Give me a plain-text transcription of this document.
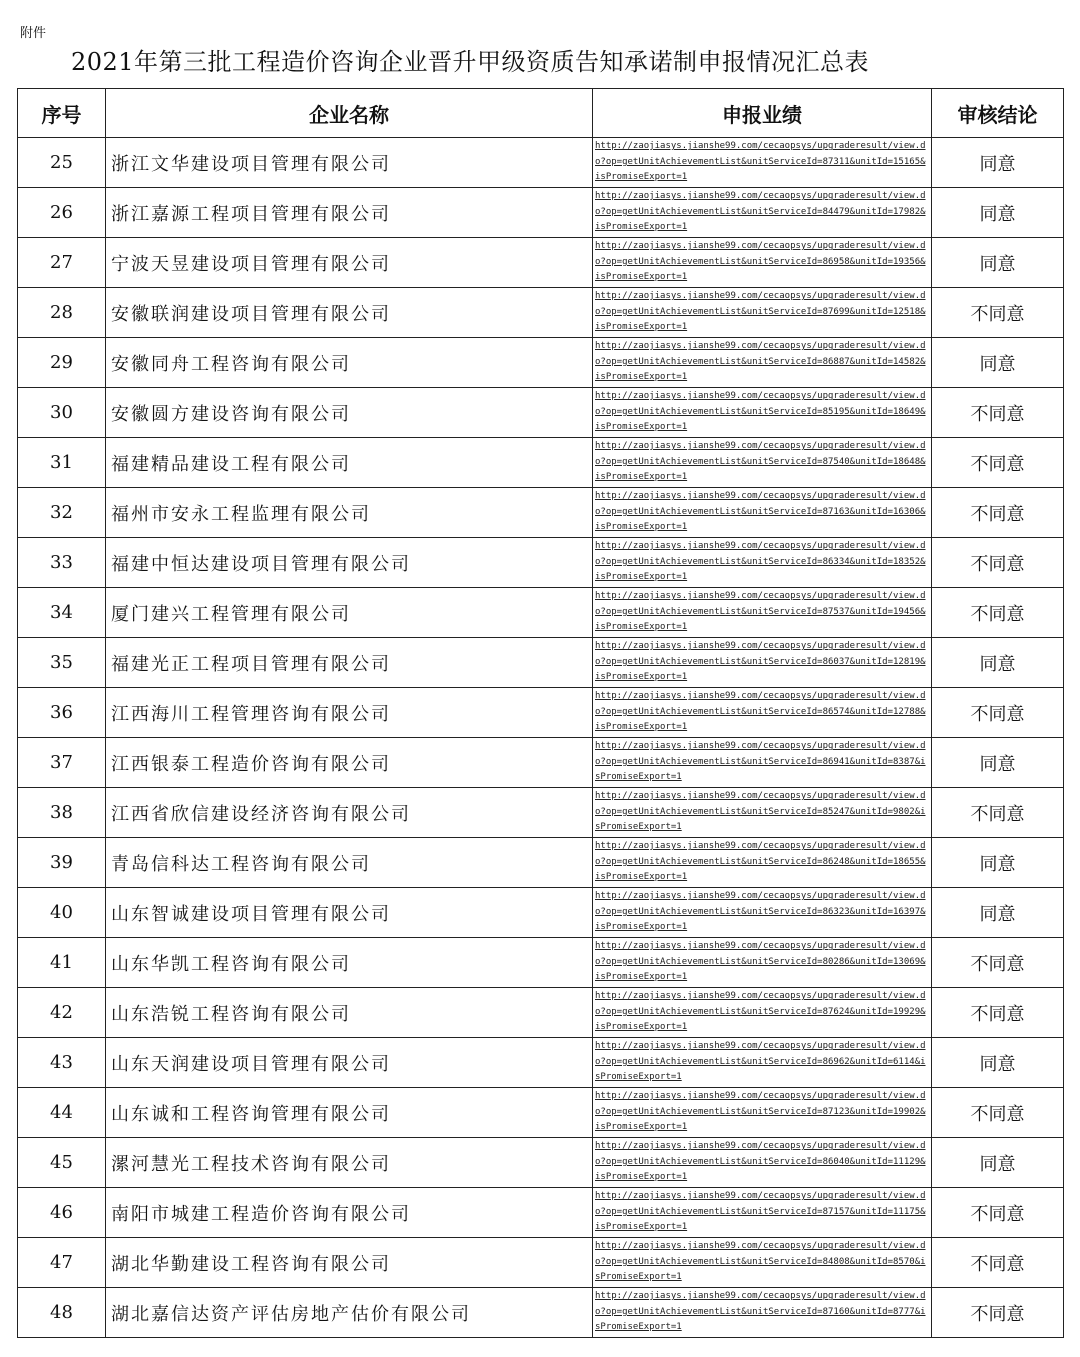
附件
2021年第三批工程造价咨询企业晋升甲级资质告知承诺制申报情况汇总表
序号	企业名称	申报业绩	审核结论
25	浙江文华建设项目管理有限公司	http://zaojiasys.jianshe99.com/cecaopsys/upgraderesult/view.do?op=getUnitAchievementList&unitServiceId=87311&unitId=15165&isPromiseExport=1	同意
26	浙江嘉源工程项目管理有限公司	http://zaojiasys.jianshe99.com/cecaopsys/upgraderesult/view.do?op=getUnitAchievementList&unitServiceId=84479&unitId=17982&isPromiseExport=1	同意
27	宁波天昱建设项目管理有限公司	http://zaojiasys.jianshe99.com/cecaopsys/upgraderesult/view.do?op=getUnitAchievementList&unitServiceId=86958&unitId=19356&isPromiseExport=1	同意
28	安徽联润建设项目管理有限公司	http://zaojiasys.jianshe99.com/cecaopsys/upgraderesult/view.do?op=getUnitAchievementList&unitServiceId=87699&unitId=12518&isPromiseExport=1	不同意
29	安徽同舟工程咨询有限公司	http://zaojiasys.jianshe99.com/cecaopsys/upgraderesult/view.do?op=getUnitAchievementList&unitServiceId=86887&unitId=14582&isPromiseExport=1	同意
30	安徽圆方建设咨询有限公司	http://zaojiasys.jianshe99.com/cecaopsys/upgraderesult/view.do?op=getUnitAchievementList&unitServiceId=85195&unitId=18649&isPromiseExport=1	不同意
31	福建精品建设工程有限公司	http://zaojiasys.jianshe99.com/cecaopsys/upgraderesult/view.do?op=getUnitAchievementList&unitServiceId=87540&unitId=18648&isPromiseExport=1	不同意
32	福州市安永工程监理有限公司	http://zaojiasys.jianshe99.com/cecaopsys/upgraderesult/view.do?op=getUnitAchievementList&unitServiceId=87163&unitId=16306&isPromiseExport=1	不同意
33	福建中恒达建设项目管理有限公司	http://zaojiasys.jianshe99.com/cecaopsys/upgraderesult/view.do?op=getUnitAchievementList&unitServiceId=86334&unitId=18352&isPromiseExport=1	不同意
34	厦门建兴工程管理有限公司	http://zaojiasys.jianshe99.com/cecaopsys/upgraderesult/view.do?op=getUnitAchievementList&unitServiceId=87537&unitId=19456&isPromiseExport=1	不同意
35	福建光正工程项目管理有限公司	http://zaojiasys.jianshe99.com/cecaopsys/upgraderesult/view.do?op=getUnitAchievementList&unitServiceId=86037&unitId=12819&isPromiseExport=1	同意
36	江西海川工程管理咨询有限公司	http://zaojiasys.jianshe99.com/cecaopsys/upgraderesult/view.do?op=getUnitAchievementList&unitServiceId=86574&unitId=12788&isPromiseExport=1	不同意
37	江西银泰工程造价咨询有限公司	http://zaojiasys.jianshe99.com/cecaopsys/upgraderesult/view.do?op=getUnitAchievementList&unitServiceId=86941&unitId=8387&isPromiseExport=1	同意
38	江西省欣信建设经济咨询有限公司	http://zaojiasys.jianshe99.com/cecaopsys/upgraderesult/view.do?op=getUnitAchievementList&unitServiceId=85247&unitId=9802&isPromiseExport=1	不同意
39	青岛信科达工程咨询有限公司	http://zaojiasys.jianshe99.com/cecaopsys/upgraderesult/view.do?op=getUnitAchievementList&unitServiceId=86248&unitId=18655&isPromiseExport=1	同意
40	山东智诚建设项目管理有限公司	http://zaojiasys.jianshe99.com/cecaopsys/upgraderesult/view.do?op=getUnitAchievementList&unitServiceId=86323&unitId=16397&isPromiseExport=1	同意
41	山东华凯工程咨询有限公司	http://zaojiasys.jianshe99.com/cecaopsys/upgraderesult/view.do?op=getUnitAchievementList&unitServiceId=80286&unitId=13069&isPromiseExport=1	不同意
42	山东浩锐工程咨询有限公司	http://zaojiasys.jianshe99.com/cecaopsys/upgraderesult/view.do?op=getUnitAchievementList&unitServiceId=87624&unitId=19929&isPromiseExport=1	不同意
43	山东天润建设项目管理有限公司	http://zaojiasys.jianshe99.com/cecaopsys/upgraderesult/view.do?op=getUnitAchievementList&unitServiceId=86962&unitId=6114&isPromiseExport=1	同意
44	山东诚和工程咨询管理有限公司	http://zaojiasys.jianshe99.com/cecaopsys/upgraderesult/view.do?op=getUnitAchievementList&unitServiceId=87123&unitId=19902&isPromiseExport=1	不同意
45	漯河慧光工程技术咨询有限公司	http://zaojiasys.jianshe99.com/cecaopsys/upgraderesult/view.do?op=getUnitAchievementList&unitServiceId=86040&unitId=11129&isPromiseExport=1	同意
46	南阳市城建工程造价咨询有限公司	http://zaojiasys.jianshe99.com/cecaopsys/upgraderesult/view.do?op=getUnitAchievementList&unitServiceId=87157&unitId=11175&isPromiseExport=1	不同意
47	湖北华勤建设工程咨询有限公司	http://zaojiasys.jianshe99.com/cecaopsys/upgraderesult/view.do?op=getUnitAchievementList&unitServiceId=84808&unitId=8570&isPromiseExport=1	不同意
48	湖北嘉信达资产评估房地产估价有限公司	http://zaojiasys.jianshe99.com/cecaopsys/upgraderesult/view.do?op=getUnitAchievementList&unitServiceId=87160&unitId=8777&isPromiseExport=1	不同意
